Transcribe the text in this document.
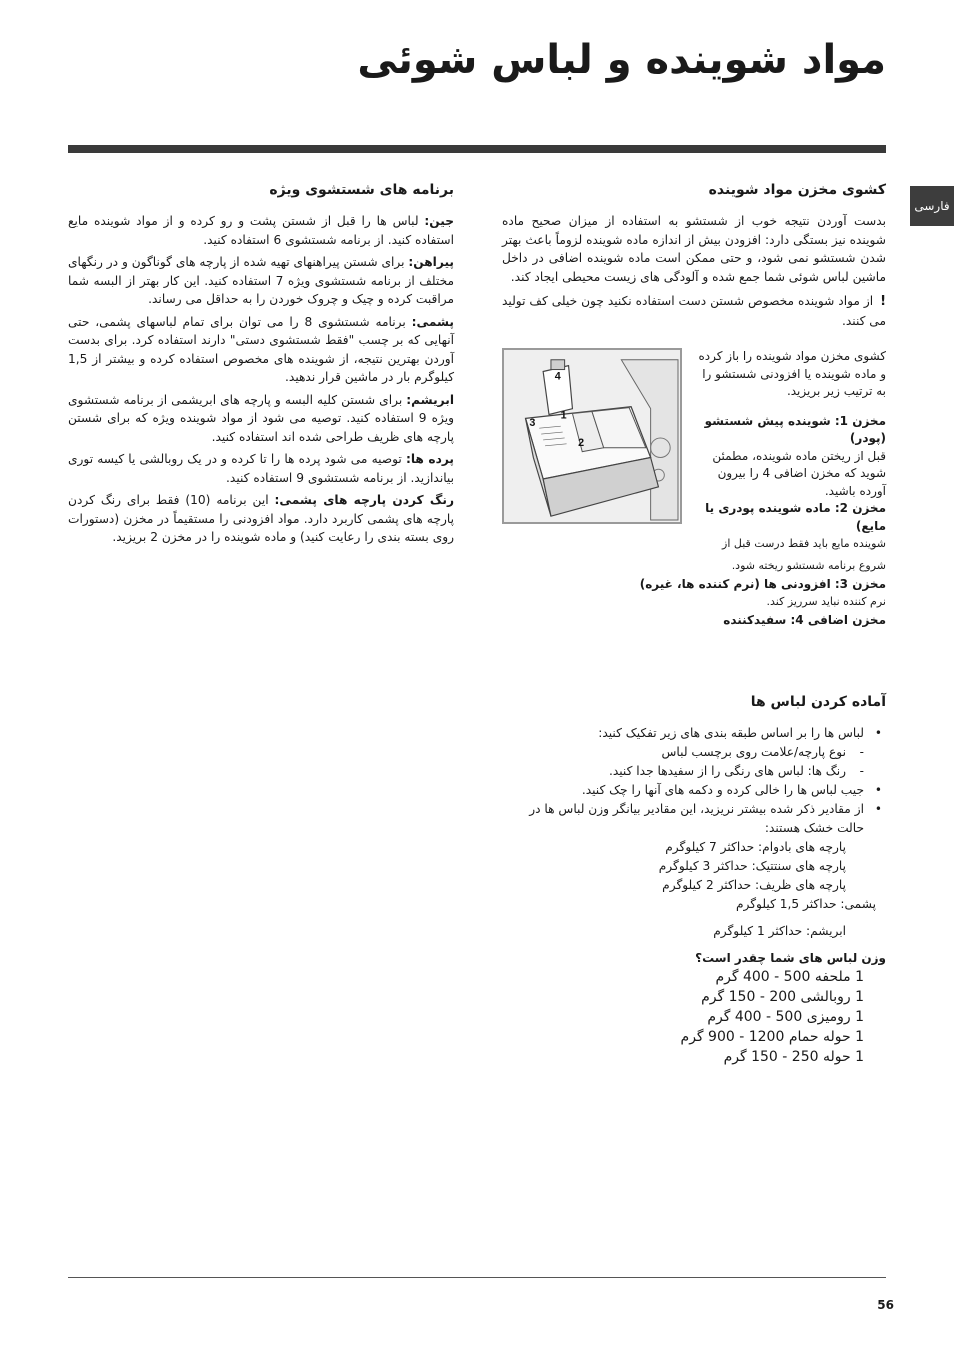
مواد شوینده و لباس شوئی
فارسی
کشوی مخزن مواد شوینده

بدست آوردن نتیجه خوب از شستشو به استفاده از میزان صحیح ماده شوینده نیز بستگی دارد: افزودن بیش از اندازه ماده شوینده لزوماً باعث بهتر شدن شستشو نمی شود، و حتی ممکن است ماده شوینده اضافی در داخل ماشین لباس شوئی شما جمع شده و آلودگی های زیست محیطی ایجاد کند.

! از مواد شوینده مخصوص شستن دست استفاده نکنید چون خیلی کف تولید می کنند.

کشوی مخزن مواد شوینده را باز کرده و ماده شوینده یا افزودنی شستشو را به ترتیب زیر بریزید.
مخزن 1: شوینده پیش شستشو (پودر)
قبل از ریختن ماده شوینده، مطمئن شوید که مخزن اضافی 4 را بیرون آورده باشید.
مخزن 2: ماده شوینده پودری یا مایع)
شوینده مایع باید فقط درست قبل از
4
3
1
2
شروع برنامه شستشو ریخته شود.
مخزن 3: افزودنی ها (نرم کننده ها، غیره)
نرم کننده نباید سرریز کند.
مخزن اضافی 4: سفیدکننده
برنامه های شستشوی ویژه

جین: لباس ها را قبل از شستن پشت و رو کرده و از مواد شوینده مایع استفاده کنید. از برنامه شستشوی 6 استفاده کنید.

پیراهن: برای شستن پیراهنهای تهیه شده از پارچه های گوناگون و در رنگهای مختلف از برنامه شستشوی ویژه 7 استفاده کنید. این کار بهتر از البسه شما مراقبت کرده و چیک و چروک خوردن را به حداقل می رساند.

پشمی: برنامه شستشوی 8 را می توان برای تمام لباسهای پشمی، حتی آنهایی که بر چسب "فقط شستشوی دستی" دارند استفاده کرد. برای بدست آوردن بهترین نتیجه، از شوینده های مخصوص استفاده کرده و بیشتر از 1,5 کیلوگرم بار در ماشین قرار ندهید.

ابریشم: برای شستن کلیه البسه و پارچه های ابریشمی از برنامه شستشوی ویژه 9 استفاده کنید. توصیه می شود از مواد شوینده ویژه که برای شستن پارچه های ظریف طراحی شده اند استفاده کنید.

پرده ها: توصیه می شود پرده ها را تا کرده و در یک روبالشی یا کیسه توری بیاندازید. از برنامه شستشوی 9 استفاده کنید.

رنگ کردن پارچه های پشمی: این برنامه (10) فقط برای رنگ کردن پارچه های پشمی کاربرد دارد. مواد افزودنی را مستقیماً در مخزن (دستورات روی بسته بندی را رعایت کنید) و ماده شوینده را در مخزن 2 بریزید.

آماده کردن لباس ها
•
لباس ها را بر اساس طبقه بندی های زیر تفکیک کنید:
-
نوع پارچه/علامت روی برچسب لباس
-
رنگ ها: لباس های رنگی را از سفیدها جدا کنید.
•
جیب لباس ها را خالی کرده و دکمه های آنها را چک کنید.
•
از مقادیر ذکر شده بیشتر نریزید، این مقادیر بیانگر وزن لباس ها در حالت خشک هستند:
پارچه های بادوام: حداکثر 7 کیلوگرم
پارچه های سنتتیک: حداکثر 3 کیلوگرم
پارچه های ظریف: حداکثر 2 کیلوگرم
پشمی: حداکثر 1,5 کیلوگرم
ابریشم: حداکثر 1 کیلوگرم
وزن لباس های شما چقدر است؟
1 ملحفه 500 - 400 گرم
1 روبالشی 200 - 150 گرم
1 رومیزی 500 - 400 گرم
1 حوله حمام 1200 - 900 گرم
1 حوله 250 - 150 گرم
56
